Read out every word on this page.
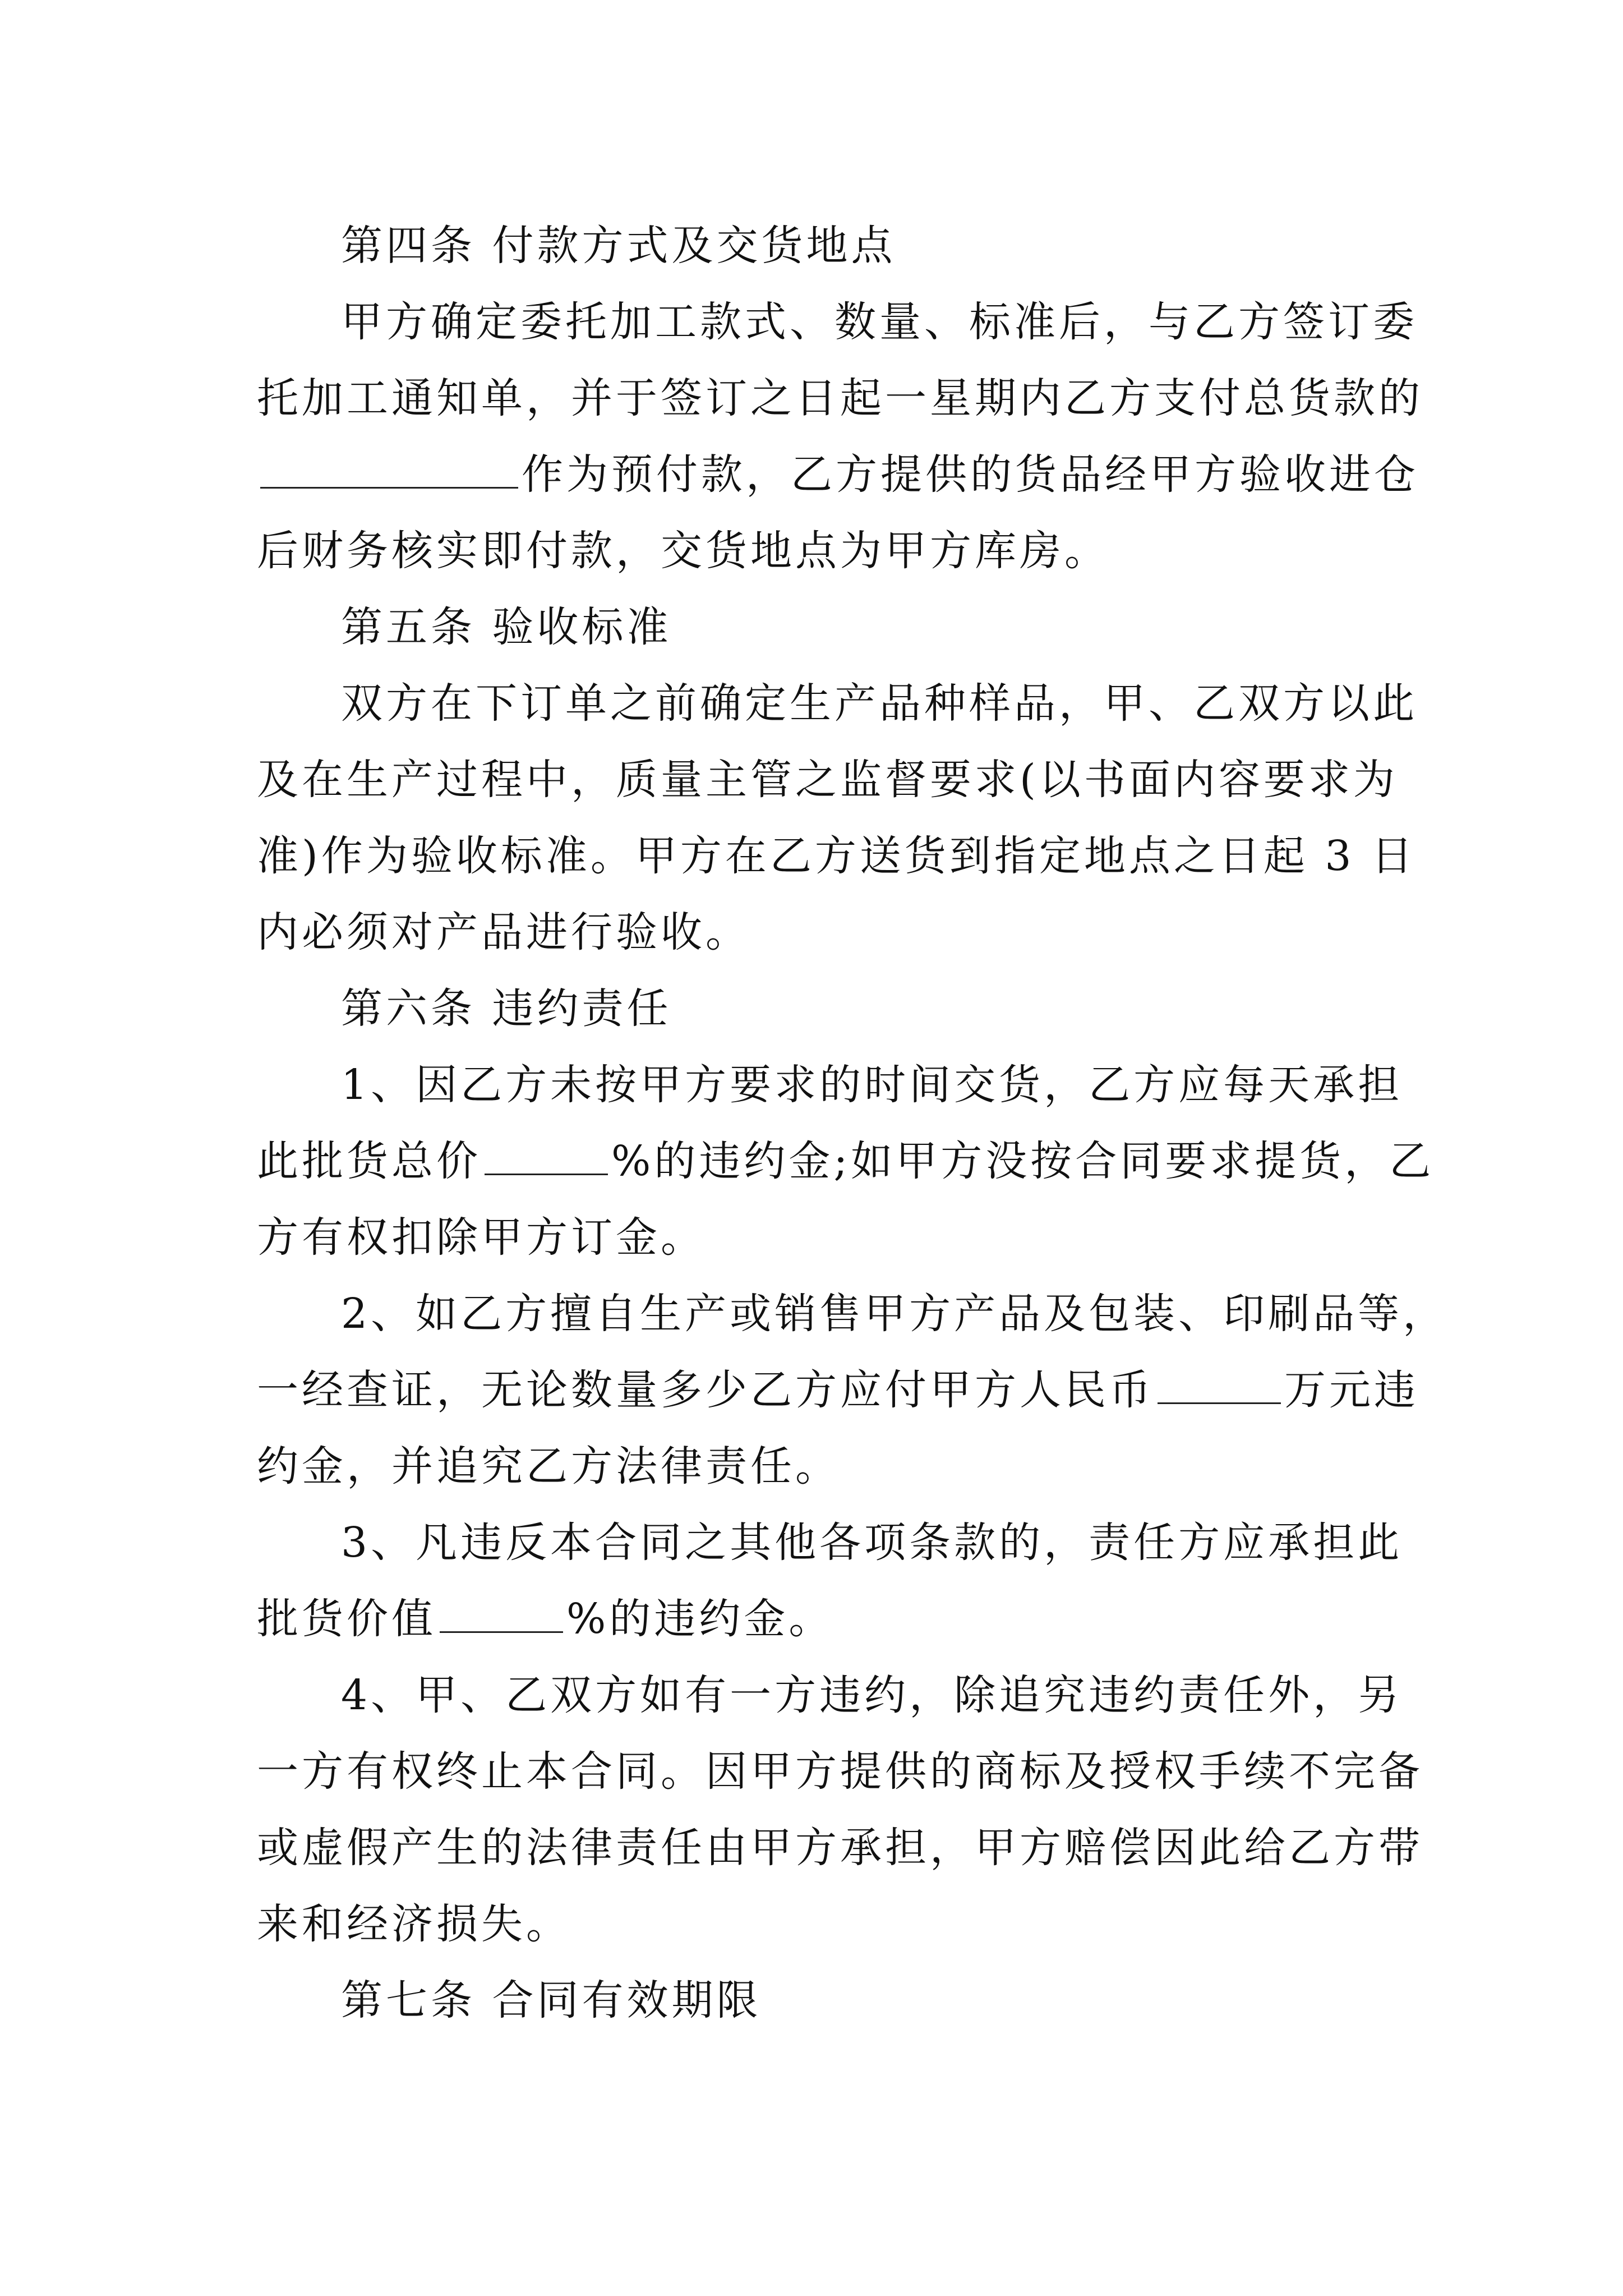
第四条 付款方式及交货地点
甲方确定委托加工款式、数量、标准后，与乙方签订委
托加工通知单，并于签订之日起一星期内乙方支付总货款的
作为预付款，乙方提供的货品经甲方验收进仓
后财务核实即付款，交货地点为甲方库房。
第五条 验收标准
双方在下订单之前确定生产品种样品，甲、乙双方以此
及在生产过程中，质量主管之监督要求(以书面内容要求为
准)作为验收标准。甲方在乙方送货到指定地点之日起 3 日
内必须对产品进行验收。
第六条 违约责任
1、因乙方未按甲方要求的时间交货，乙方应每天承担
此批货总价	%的违约金;如甲方没按合同要求提货，乙
方有权扣除甲方订金。
2、如乙方擅自生产或销售甲方产品及包装、印刷品等，
一经查证，无论数量多少乙方应付甲方人民币	万元违
约金，并追究乙方法律责任。
3、凡违反本合同之其他各项条款的，责任方应承担此
批货价值	%的违约金。
4、甲、乙双方如有一方违约，除追究违约责任外，另
一方有权终止本合同。因甲方提供的商标及授权手续不完备
或虚假产生的法律责任由甲方承担，甲方赔偿因此给乙方带
来和经济损失。
第七条 合同有效期限
